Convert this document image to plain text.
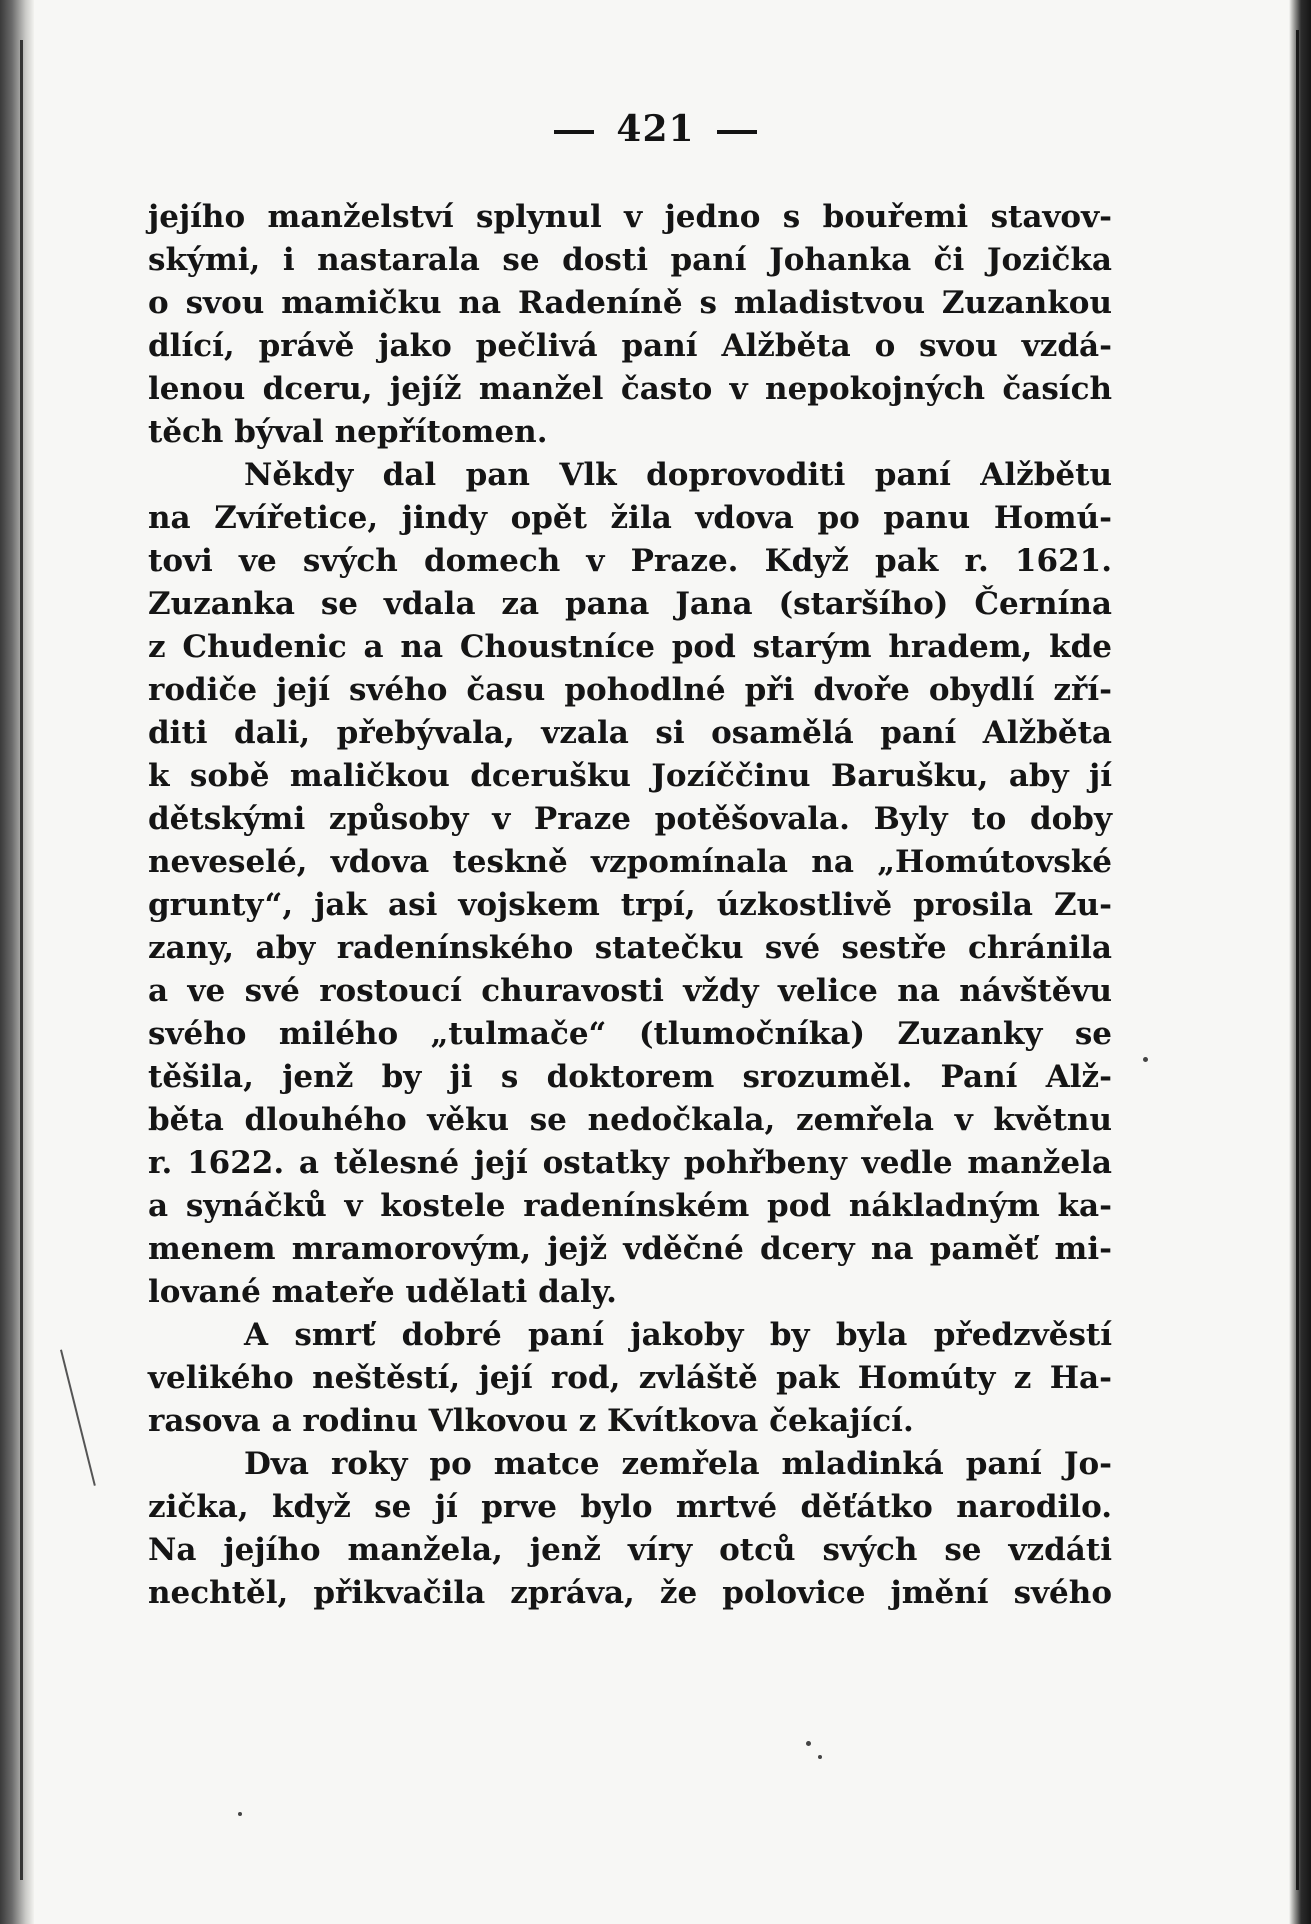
421
jejího manželství splynul v jedno s bouřemi stavov-
skými, i nastarala se dosti paní Johanka či Jozička
o svou mamičku na Radeníně s mladistvou Zuzankou
dlící, právě jako pečlivá paní Alžběta o svou vzdá-
lenou dceru, jejíž manžel často v nepokojných časích
těch býval nepřítomen.
Někdy dal pan Vlk doprovoditi paní Alžbětu
na Zvířetice, jindy opět žila vdova po panu Homú-
tovi ve svých domech v Praze. Když pak r. 1621.
Zuzanka se vdala za pana Jana (staršího) Černína
z Chudenic a na Choustníce pod starým hradem, kde
rodiče její svého času pohodlné při dvoře obydlí zří-
diti dali, přebývala, vzala si osamělá paní Alžběta
k sobě maličkou dcerušku Jozíččinu Barušku, aby jí
dětskými způsoby v Praze potěšovala. Byly to doby
neveselé, vdova teskně vzpomínala na „Homútovské
grunty“, jak asi vojskem trpí, úzkostlivě prosila Zu-
zany, aby radenínského statečku své sestře chránila
a ve své rostoucí churavosti vždy velice na návštěvu
svého milého „tulmače“ (tlumočníka) Zuzanky se
těšila, jenž by ji s doktorem srozuměl. Paní Alž-
běta dlouhého věku se nedočkala, zemřela v květnu
r. 1622. a tělesné její ostatky pohřbeny vedle manžela
a synáčků v kostele radenínském pod nákladným ka-
menem mramorovým, jejž vděčné dcery na paměť mi-
lované mateře udělati daly.
A smrť dobré paní jakoby by byla předzvěstí
velikého neštěstí, její rod, zvláště pak Homúty z Ha-
rasova a rodinu Vlkovou z Kvítkova čekající.
Dva roky po matce zemřela mladinká paní Jo-
zička, když se jí prve bylo mrtvé děťátko narodilo.
Na jejího manžela, jenž víry otců svých se vzdáti
nechtěl, přikvačila zpráva, že polovice jmění svého
